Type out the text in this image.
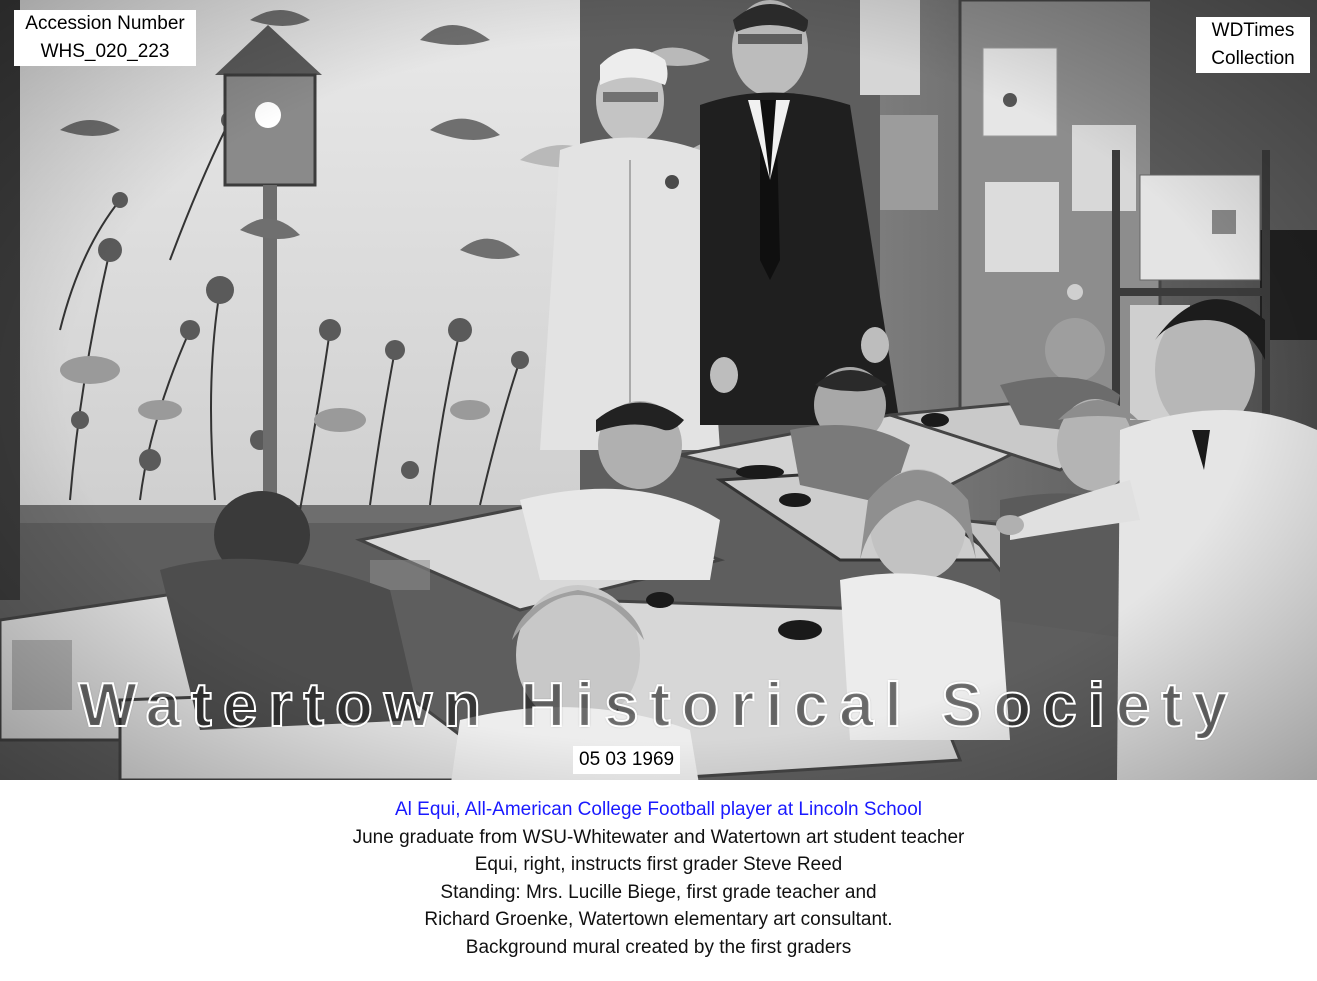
Accession Number
WHS_020_223
WDTimes
Collection
Watertown Historical Society
05 03 1969
Al Equi, All-American College Football player at Lincoln School
June graduate from WSU-Whitewater and Watertown art student teacher
Equi, right, instructs first grader Steve Reed
Standing: Mrs. Lucille Biege, first grade teacher and
Richard Groenke, Watertown elementary art consultant.
Background mural created by the first graders
